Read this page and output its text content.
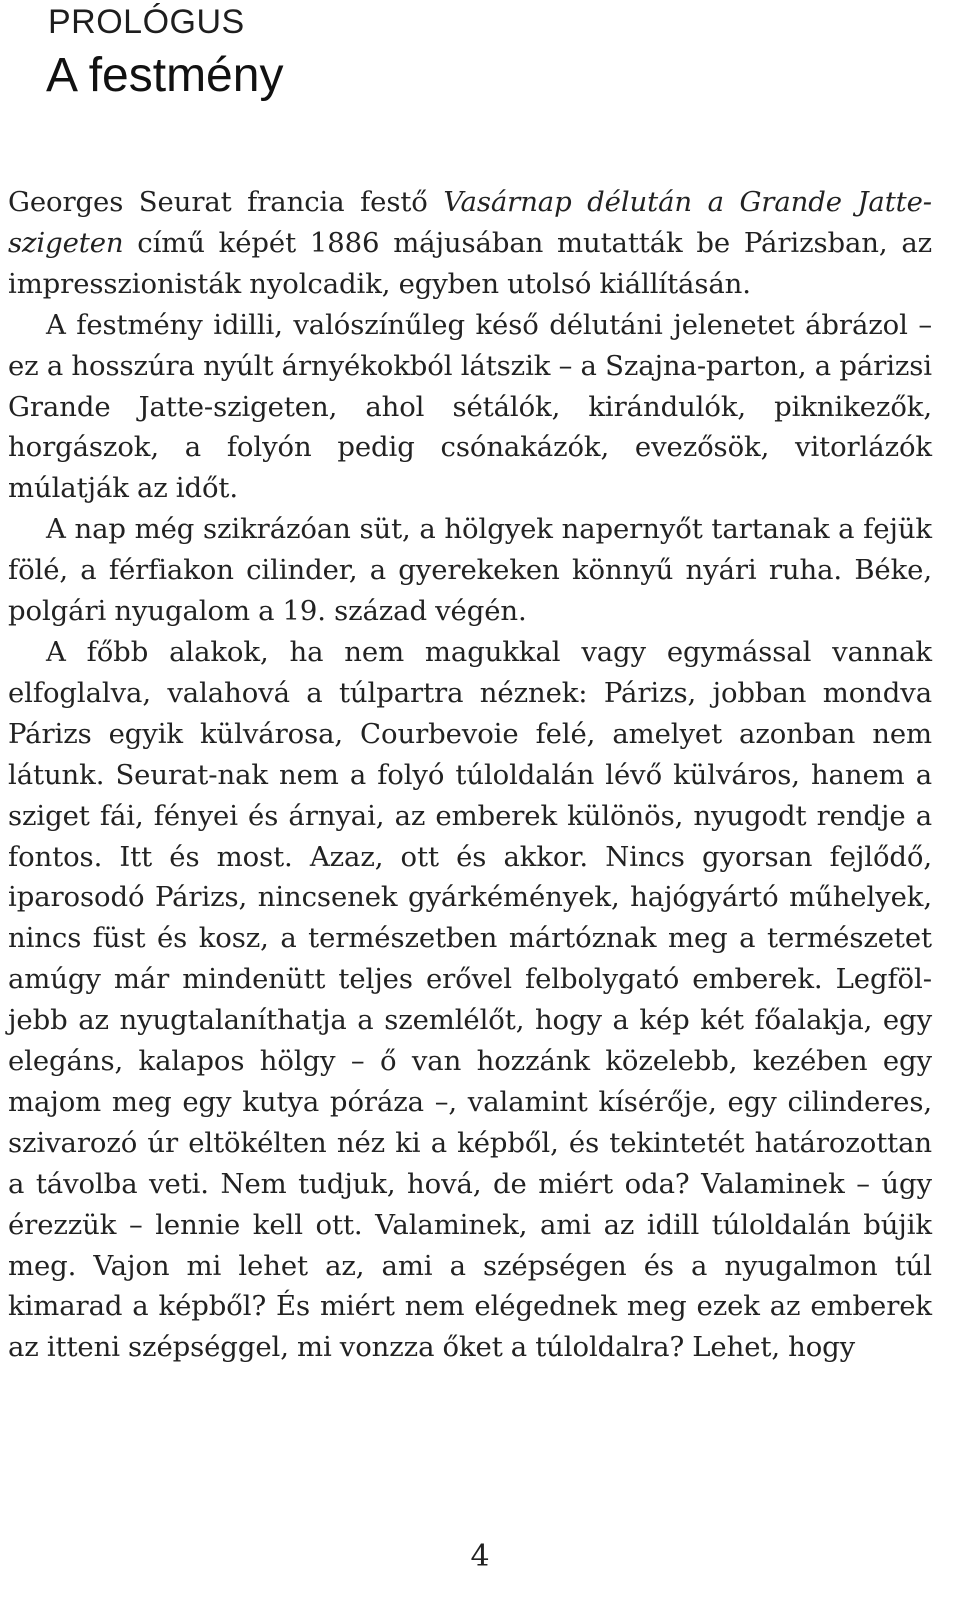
PROLÓGUS
A festmény

Georges Seurat francia festő Vasárnap délután a Grande Jatte-szigeten című képét 1886 májusában mutatták be Párizsban, az impresszionisták nyolcadik, egyben utolsó kiállításán.

A festmény idilli, valószínűleg késő délutáni jelenetet ábrázol – ez a hosszúra nyúlt árnyékokból látszik – a Szajna-parton, a párizsi Grande Jatte-szigeten, ahol sétálók, kirándulók, piknikezők, horgászok, a folyón pedig csónakázók, evezősök, vitorlázók múlatják az időt.

A nap még szikrázóan süt, a hölgyek napernyőt tartanak a fejük fölé, a férfiakon cilinder, a gyerekeken könnyű nyári ruha. Béke, polgári nyugalom a 19. század végén.

A főbb alakok, ha nem magukkal vagy egymással vannak elfoglalva, valahová a túlpartra néznek: Párizs, jobban mondva Párizs egyik külvárosa, Courbevoie felé, amelyet azonban nem látunk. Seurat-nak nem a folyó túloldalán lévő külváros, hanem a sziget fái, fényei és árnyai, az emberek különös, nyugodt rendje a fontos. Itt és most. Azaz, ott és akkor. Nincs gyorsan fejlődő, iparosodó Párizs, nincsenek gyárkémények, hajógyártó műhelyek, nincs füst és kosz, a természetben mártóznak meg a természetet amúgy már mindenütt teljes erővel felbolygató emberek. Legföljebb az nyugtalaníthatja a szemlélőt, hogy a kép két főalakja, egy elegáns, kalapos hölgy – ő van hozzánk közelebb, kezében egy majom meg egy kutya póráza –, valamint kísérője, egy cilinderes, szivarozó úr eltökélten néz ki a képből, és tekintetét határozottan a távolba veti. Nem tudjuk, hová, de miért oda? Valaminek – úgy érezzük – lennie kell ott. Valaminek, ami az idill túloldalán bújik meg. Vajon mi lehet az, ami a szépségen és a nyugalmon túl kimarad a képből? És miért nem elégednek meg ezek az emberek az itteni szépséggel, mi vonzza őket a túloldalra? Lehet, hogy

4
